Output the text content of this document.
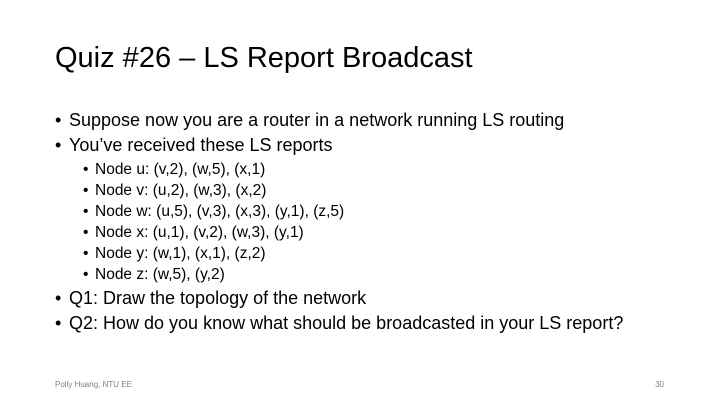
Quiz #26 – LS Report Broadcast
• Suppose now you are a router in a network running LS routing
• You’ve received these LS reports
• Node u: (v,2), (w,5), (x,1)
• Node v: (u,2), (w,3), (x,2)
• Node w: (u,5), (v,3), (x,3), (y,1), (z,5)
• Node x: (u,1), (v,2), (w,3), (y,1)
• Node y: (w,1), (x,1), (z,2)
• Node z: (w,5), (y,2)
• Q1: Draw the topology of the network
• Q2: How do you know what should be broadcasted in your LS report?
Polly Huang, NTU EE	30
